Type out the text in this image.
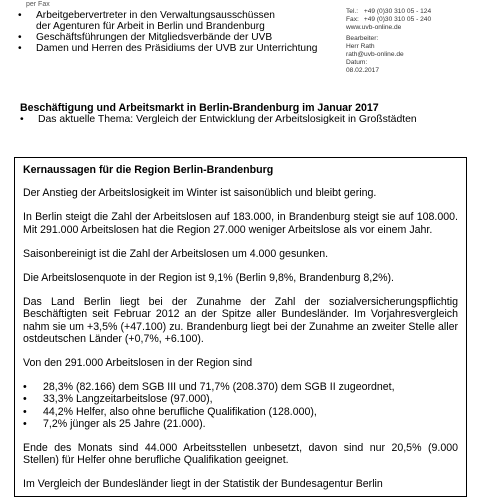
per Fax
• Arbeitgebervertreter in den Verwaltungsausschüssen
der Agenturen für Arbeit in Berlin und Brandenburg
• Geschäftsführungen der Mitgliedsverbände der UVB
• Damen und Herren des Präsidiums der UVB zur Unterrichtung
Tel.: +49 (0)30 310 05 - 124
Fax: +49 (0)30 310 05 - 240
www.uvb-online.de
Bearbeiter:
Herr Rath
rath@uvb-online.de
Datum:
08.02.2017
Beschäftigung und Arbeitsmarkt in Berlin-Brandenburg im Januar 2017
• Das aktuelle Thema: Vergleich der Entwicklung der Arbeitslosigkeit in Großstädten
Kernaussagen für die Region Berlin-Brandenburg

Der Anstieg der Arbeitslosigkeit im Winter ist saisonüblich und bleibt gering.

In Berlin steigt die Zahl der Arbeitslosen auf 183.000, in Brandenburg steigt sie auf 108.000. Mit 291.000 Arbeitslosen hat die Region 27.000 weniger Arbeitslose als vor einem Jahr.

Saisonbereinigt ist die Zahl der Arbeitslosen um 4.000 gesunken.

Die Arbeitslosenquote in der Region ist 9,1% (Berlin 9,8%, Brandenburg 8,2%).

Das Land Berlin liegt bei der Zunahme der Zahl der sozialversicherungspflichtig Beschäftigten seit Februar 2012 an der Spitze aller Bundesländer. Im Vorjahresvergleich nahm sie um +3,5% (+47.100) zu. Brandenburg liegt bei der Zunahme an zweiter Stelle aller ostdeutschen Länder (+0,7%, +6.100).

Von den 291.000 Arbeitslosen in der Region sind

• 28,3% (82.166) dem SGB III und 71,7% (208.370) dem SGB II zugeordnet,
• 33,3% Langzeitarbeitslose (97.000),
• 44,2% Helfer, also ohne berufliche Qualifikation (128.000),
• 7,2% jünger als 25 Jahre (21.000).

Ende des Monats sind 44.000 Arbeitsstellen unbesetzt, davon sind nur 20,5% (9.000 Stellen) für Helfer ohne berufliche Qualifikation geeignet.

Im Vergleich der Bundesländer liegt in der Statistik der Bundesagentur Berlin
